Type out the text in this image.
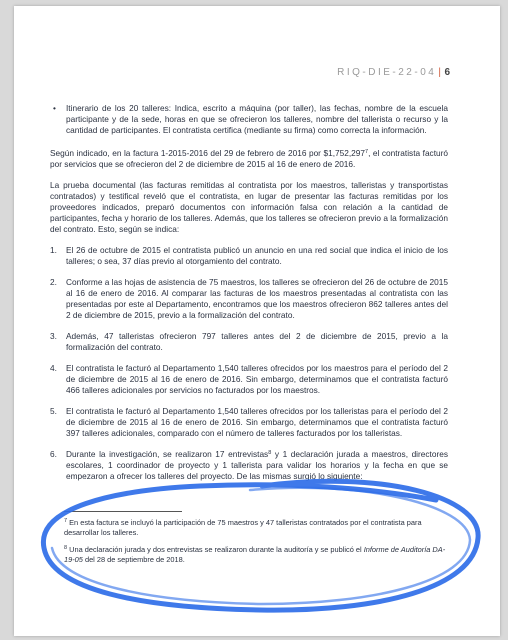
RIQ-DIE-22-04 |6
• Itinerario de los 20 talleres: Indica, escrito a máquina (por taller), las fechas, nombre de la escuela participante y de la sede, horas en que se ofrecieron los talleres, nombre del tallerista o recurso y la cantidad de participantes. El contratista certifica (mediante su firma) como correcta la información.

Según indicado, en la factura 1-2015-2016 del 29 de febrero de 2016 por $1,752,297$^7$, el contratista facturó por servicios que se ofrecieron del 2 de diciembre de 2015 al 16 de enero de 2016.

La prueba documental (las facturas remitidas al contratista por los maestros, talleristas y transportistas contratados) y testifical reveló que el contratista, en lugar de presentar las facturas remitidas por los proveedores indicados, preparó documentos con información falsa con relación a la cantidad de participantes, fecha y horario de los talleres. Además, que los talleres se ofrecieron previo a la formalización del contrato. Esto, según se indica:

1. El 26 de octubre de 2015 el contratista publicó un anuncio en una red social que indica el inicio de los talleres; o sea, 37 días previo al otorgamiento del contrato.
2. Conforme a las hojas de asistencia de 75 maestros, los talleres se ofrecieron del 26 de octubre de 2015 al 16 de enero de 2016. Al comparar las facturas de los maestros presentadas al contratista con las presentadas por este al Departamento, encontramos que los maestros ofrecieron 862 talleres antes del 2 de diciembre de 2015, previo a la formalización del contrato.
3. Además, 47 talleristas ofrecieron 797 talleres antes del 2 de diciembre de 2015, previo a la formalización del contrato.
4. El contratista le facturó al Departamento 1,540 talleres ofrecidos por los maestros para el período del 2 de diciembre de 2015 al 16 de enero de 2016. Sin embargo, determinamos que el contratista facturó 466 talleres adicionales por servicios no facturados por los maestros.
5. El contratista le facturó al Departamento 1,540 talleres ofrecidos por los talleristas para el período del 2 de diciembre de 2015 al 16 de enero de 2016. Sin embargo, determinamos que el contratista facturó 397 talleres adicionales, comparado con el número de talleres facturados por los talleristas.
6. Durante la investigación, se realizaron 17 entrevistas$^8$ y 1 declaración jurada a maestros, directores escolares, 1 coordinador de proyecto y 1 tallerista para validar los horarios y la fecha en que se empezaron a ofrecer los talleres del proyecto. De las mismas surgió lo siguiente:

$^7$ En esta factura se incluyó la participación de 75 maestros y 47 talleristas contratados por el contratista para desarrollar los talleres.

$^8$ Una declaración jurada y dos entrevistas se realizaron durante la auditoría y se publicó el Informe de Auditoría DA-19-05 del 28 de septiembre de 2018.
